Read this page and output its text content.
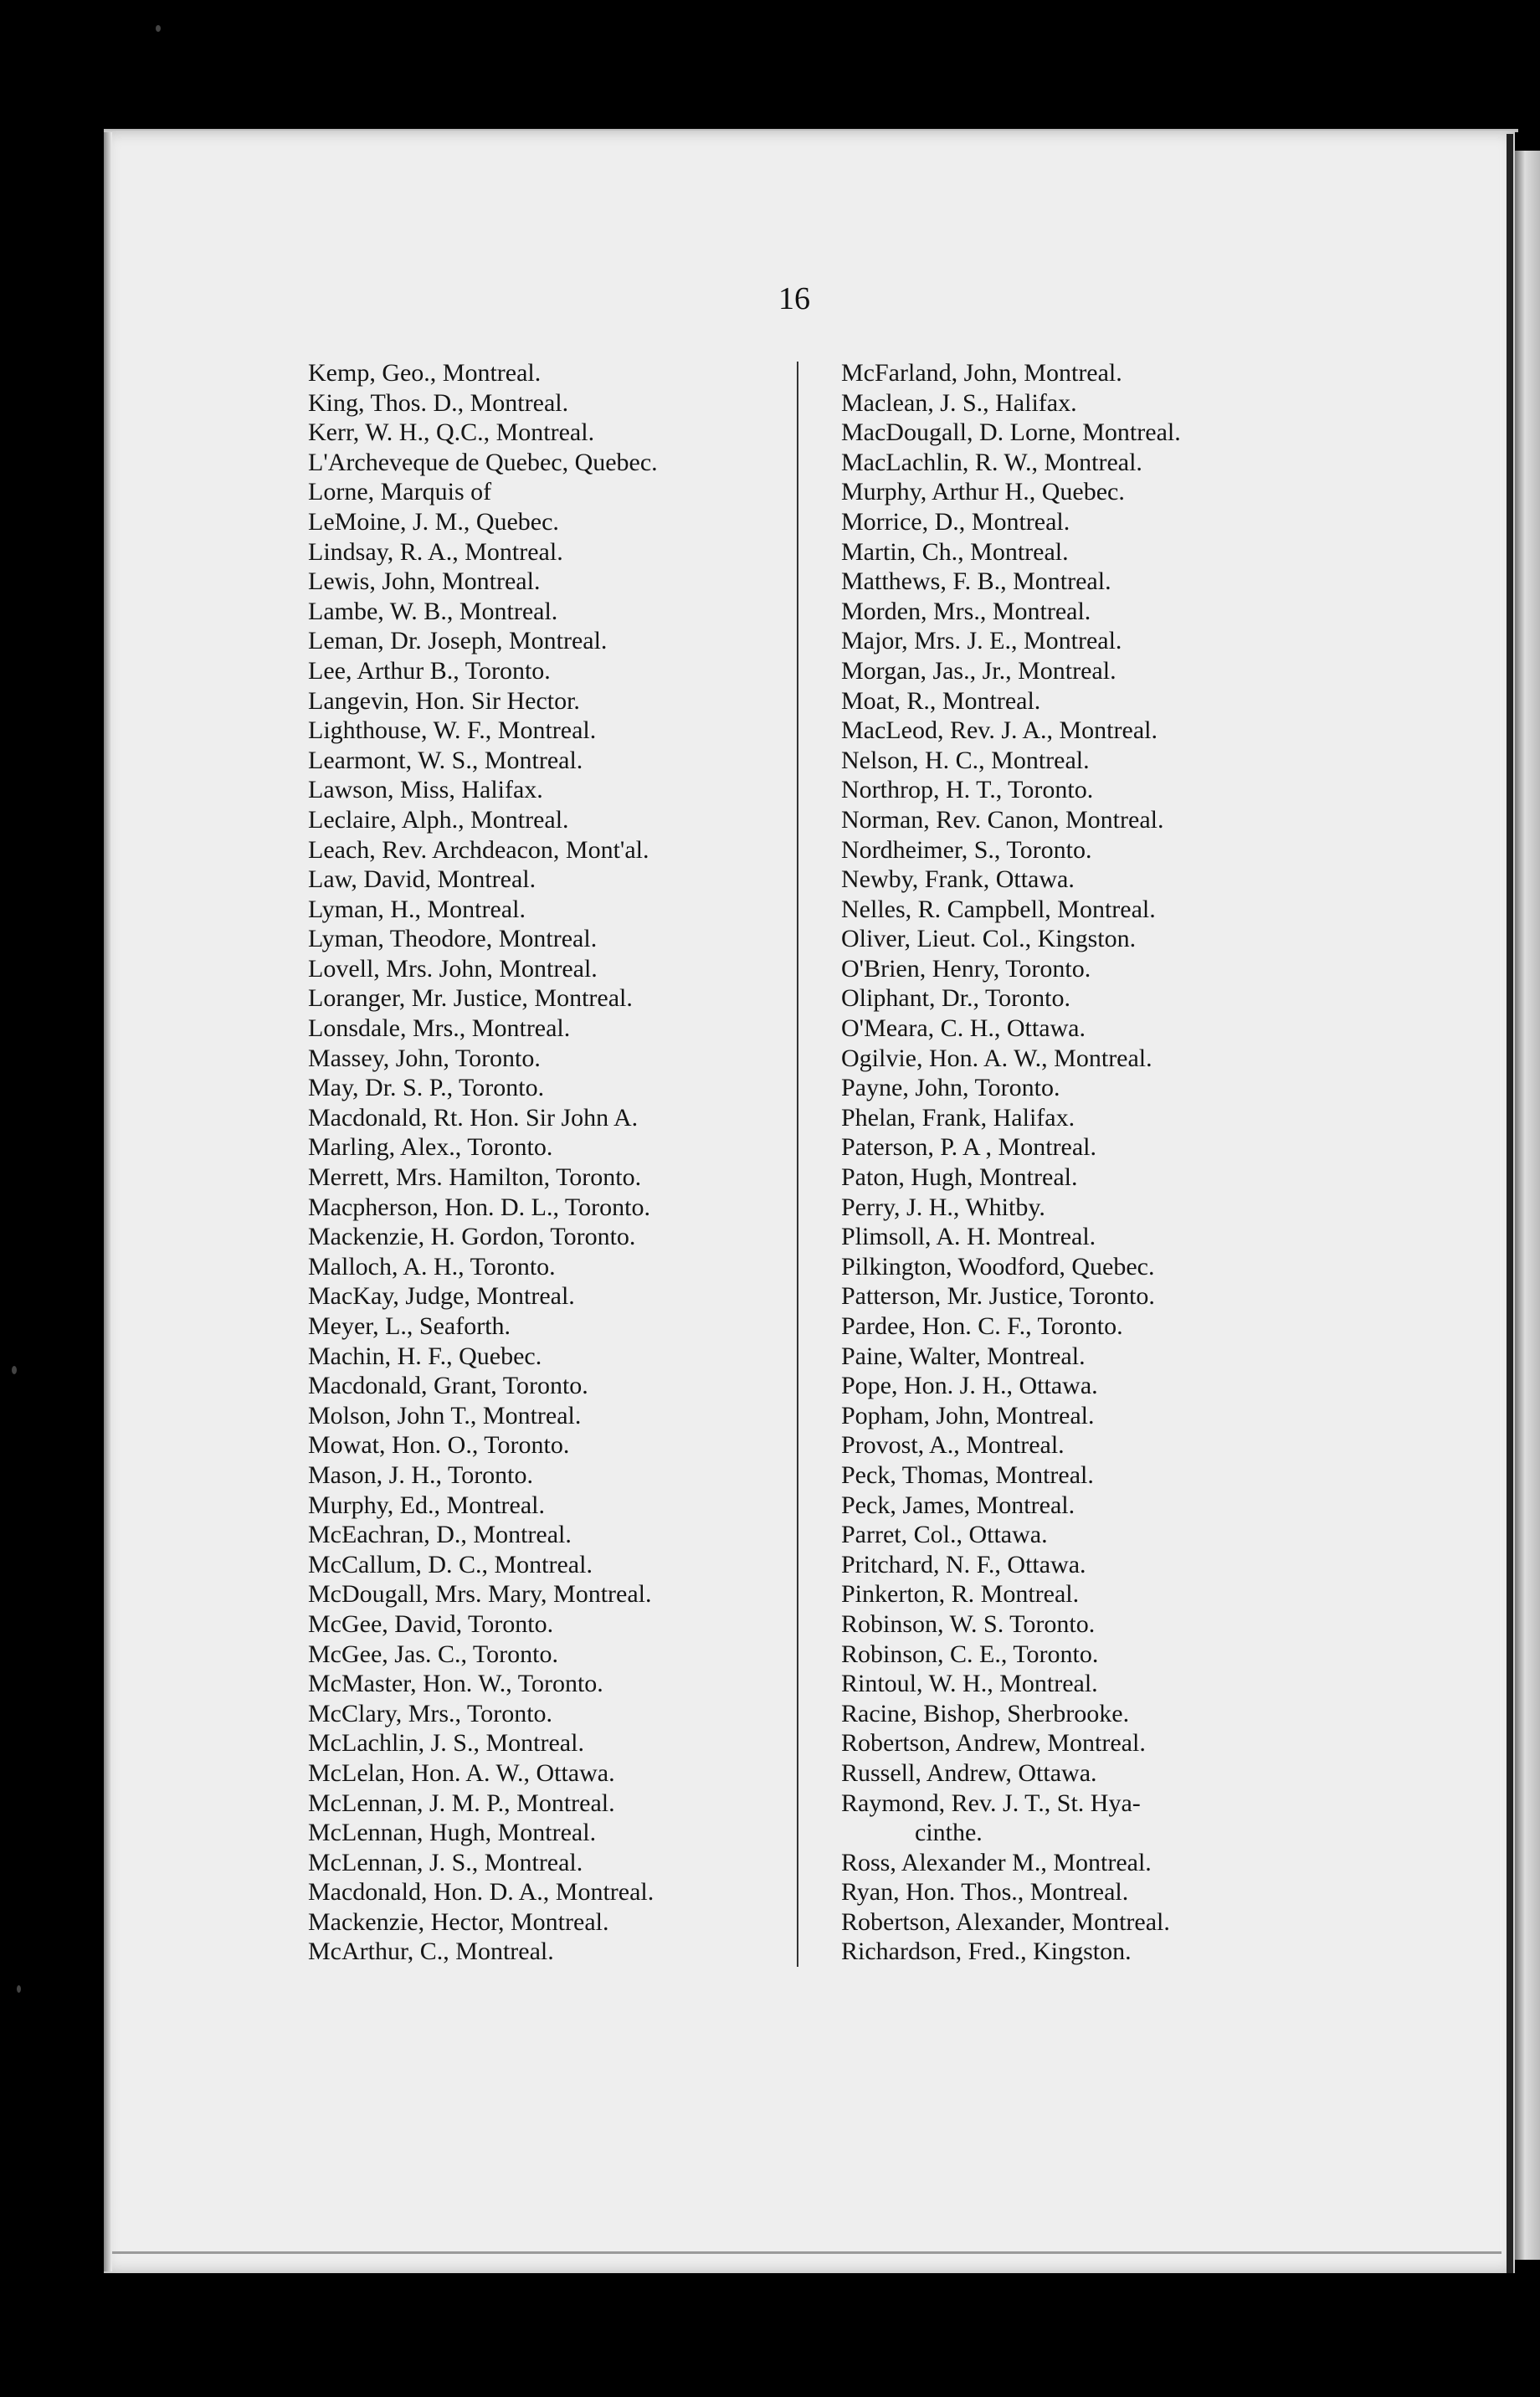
16
Kemp, Geo., Montreal.
King, Thos. D., Montreal.
Kerr, W. H., Q.C., Montreal.
L'Archeveque de Quebec, Quebec.
Lorne, Marquis of
LeMoine, J. M., Quebec.
Lindsay, R. A., Montreal.
Lewis, John, Montreal.
Lambe, W. B., Montreal.
Leman, Dr. Joseph, Montreal.
Lee, Arthur B., Toronto.
Langevin, Hon. Sir Hector.
Lighthouse, W. F., Montreal.
Learmont, W. S., Montreal.
Lawson, Miss, Halifax.
Leclaire, Alph., Montreal.
Leach, Rev. Archdeacon, Mont'al.
Law, David, Montreal.
Lyman, H., Montreal.
Lyman, Theodore, Montreal.
Lovell, Mrs. John, Montreal.
Loranger, Mr. Justice, Montreal.
Lonsdale, Mrs., Montreal.
Massey, John, Toronto.
May, Dr. S. P., Toronto.
Macdonald, Rt. Hon. Sir John A.
Marling, Alex., Toronto.
Merrett, Mrs. Hamilton, Toronto.
Macpherson, Hon. D. L., Toronto.
Mackenzie, H. Gordon, Toronto.
Malloch, A. H., Toronto.
MacKay, Judge, Montreal.
Meyer, L., Seaforth.
Machin, H. F., Quebec.
Macdonald, Grant, Toronto.
Molson, John T., Montreal.
Mowat, Hon. O., Toronto.
Mason, J. H., Toronto.
Murphy, Ed., Montreal.
McEachran, D., Montreal.
McCallum, D. C., Montreal.
McDougall, Mrs. Mary, Montreal.
McGee, David, Toronto.
McGee, Jas. C., Toronto.
McMaster, Hon. W., Toronto.
McClary, Mrs., Toronto.
McLachlin, J. S., Montreal.
McLelan, Hon. A. W., Ottawa.
McLennan, J. M. P., Montreal.
McLennan, Hugh, Montreal.
McLennan, J. S., Montreal.
Macdonald, Hon. D. A., Montreal.
Mackenzie, Hector, Montreal.
McArthur, C., Montreal.
McFarland, John, Montreal.
Maclean, J. S., Halifax.
MacDougall, D. Lorne, Montreal.
MacLachlin, R. W., Montreal.
Murphy, Arthur H., Quebec.
Morrice, D., Montreal.
Martin, Ch., Montreal.
Matthews, F. B., Montreal.
Morden, Mrs., Montreal.
Major, Mrs. J. E., Montreal.
Morgan, Jas., Jr., Montreal.
Moat, R., Montreal.
MacLeod, Rev. J. A., Montreal.
Nelson, H. C., Montreal.
Northrop, H. T., Toronto.
Norman, Rev. Canon, Montreal.
Nordheimer, S., Toronto.
Newby, Frank, Ottawa.
Nelles, R. Campbell, Montreal.
Oliver, Lieut. Col., Kingston.
O'Brien, Henry, Toronto.
Oliphant, Dr., Toronto.
O'Meara, C. H., Ottawa.
Ogilvie, Hon. A. W., Montreal.
Payne, John, Toronto.
Phelan, Frank, Halifax.
Paterson, P. A , Montreal.
Paton, Hugh, Montreal.
Perry, J. H., Whitby.
Plimsoll, A. H. Montreal.
Pilkington, Woodford, Quebec.
Patterson, Mr. Justice, Toronto.
Pardee, Hon. C. F., Toronto.
Paine, Walter, Montreal.
Pope, Hon. J. H., Ottawa.
Popham, John, Montreal.
Provost, A., Montreal.
Peck, Thomas, Montreal.
Peck, James, Montreal.
Parret, Col., Ottawa.
Pritchard, N. F., Ottawa.
Pinkerton, R. Montreal.
Robinson, W. S. Toronto.
Robinson, C. E., Toronto.
Rintoul, W. H., Montreal.
Racine, Bishop, Sherbrooke.
Robertson, Andrew, Montreal.
Russell, Andrew, Ottawa.
Raymond, Rev. J. T., St. Hya-
cinthe.
Ross, Alexander M., Montreal.
Ryan, Hon. Thos., Montreal.
Robertson, Alexander, Montreal.
Richardson, Fred., Kingston.
